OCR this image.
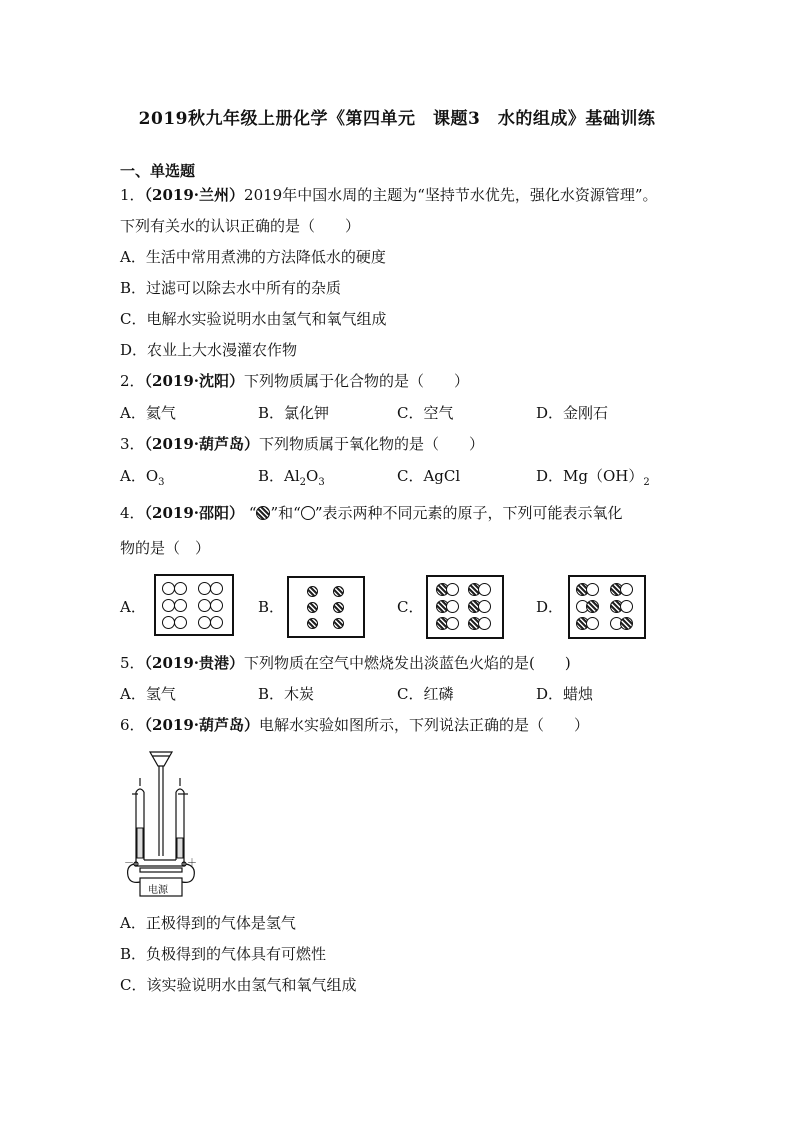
2019秋九年级上册化学《第四单元　课题3　水的组成》基础训练
一、单选题
1．（2019·兰州）2019年中国水周的主题为“坚持节水优先，强化水资源管理”。
下列有关水的认识正确的是（　　）
A．生活中常用煮沸的方法降低水的硬度
B．过滤可以除去水中所有的杂质
C．电解水实验说明水由氢气和氧气组成
D．农业上大水漫灌农作物
2．（2019·沈阳）下列物质属于化合物的是（　　）
A．氦气	B．氯化钾	C．空气	D．金刚石
3．（2019·葫芦岛）下列物质属于氧化物的是（　　）
A．$O_3$	B．$Al_2O_3$	C．AgCl	D．$Mg(OH)_2$
4．（2019·邵阳） “ ”和“ ”表示两种不同元素的原子，下列可能表示氧化
物的是（　）
A．	B．	C．	D．
5．（2019·贵港）下列物质在空气中燃烧发出淡蓝色火焰的是(　　)
A．氢气	B．木炭	C．红磷	D．蜡烛
6．（2019·葫芦岛）电解水实验如图所示，下列说法正确的是（　　）
电源
－	＋
A．正极得到的气体是氢气
B．负极得到的气体具有可燃性
C．该实验说明水由氢气和氧气组成
